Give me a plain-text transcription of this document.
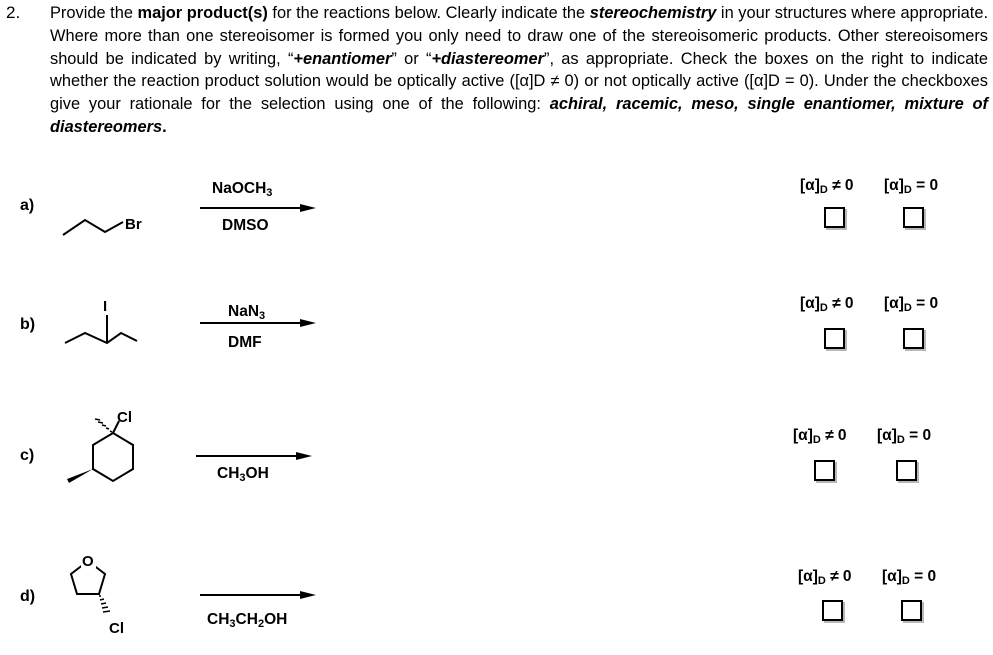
2. Provide the major product(s) for the reactions below. Clearly indicate the stereochemistry in your structures where appropriate. Where more than one stereoisomer is formed you only need to draw one of the stereoisomeric products. Other stereoisomers should be indicated by writing, “+enantiomer” or “+diastereomer”, as appropriate. Check the boxes on the right to indicate whether the reaction product solution would be optically active ([α]D ≠ 0) or not optically active ([α]D = 0). Under the checkboxes give your rationale for the selection using one of the following: achiral, racemic, meso, single enantiomer, mixture of diastereomers.

a)
Br
NaOCH$_3$
DMSO
$[\alpha]_D \ne 0$ $[\alpha]_D = 0$
b)
I	NaN$_3$
DMF
$[\alpha]_D \ne 0$ $[\alpha]_D = 0$
c)
Cl
$CH_3OH$
$[\alpha]_D \ne 0$ $[\alpha]_D = 0$
d)
O
Cl
$CH_3CH_2OH$
$[\alpha]_D \ne 0$ $[\alpha]_D = 0$
